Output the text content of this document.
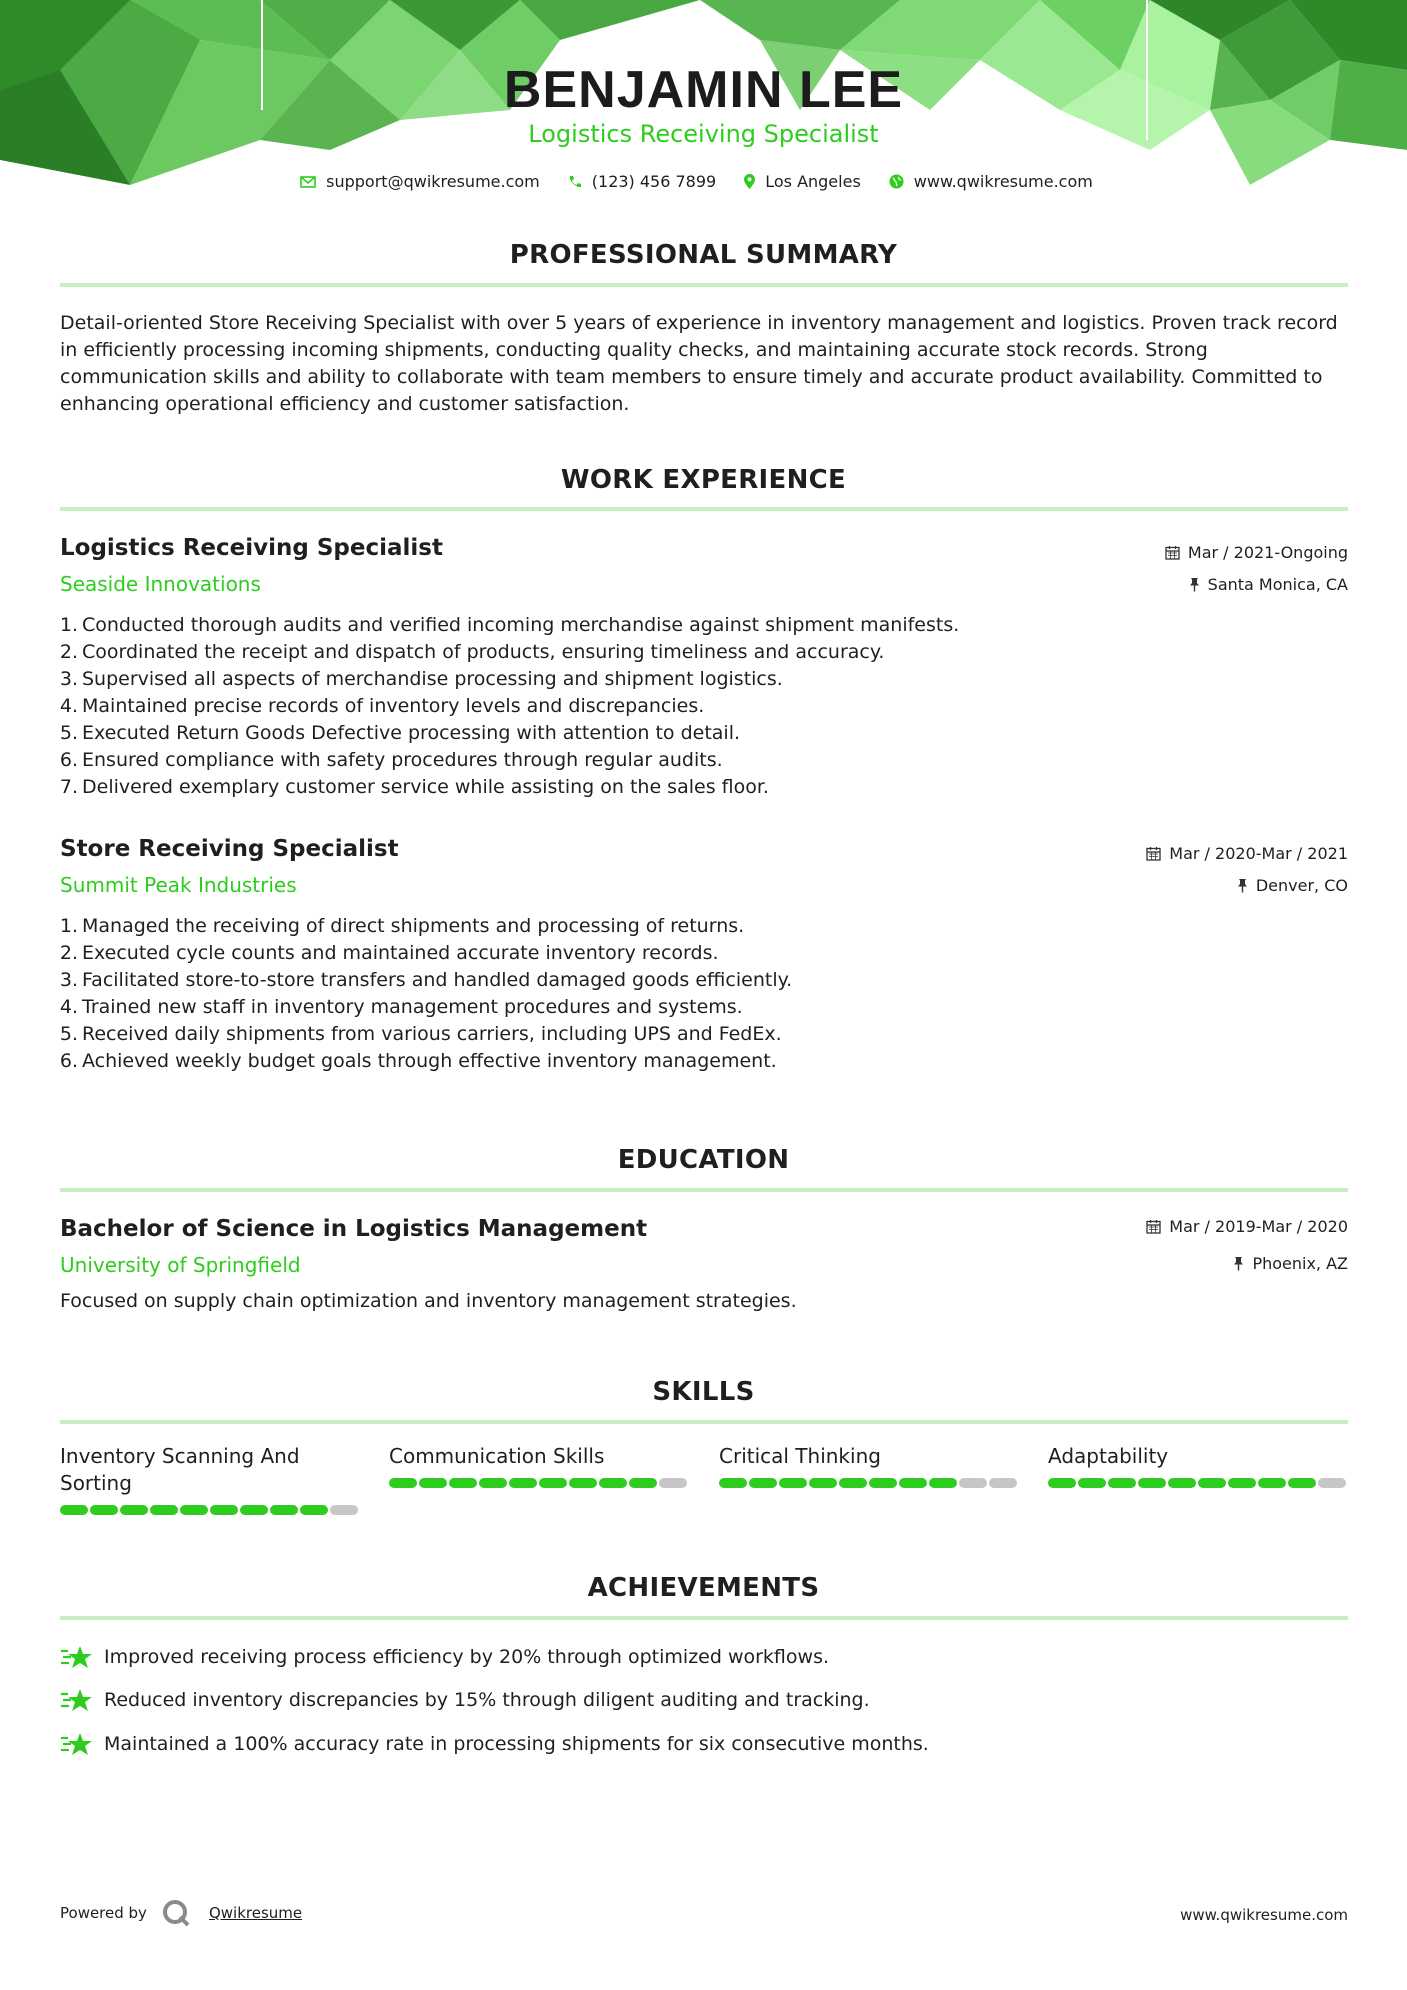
BENJAMIN LEE
Logistics Receiving Specialist
support@qwikresume.com	(123) 456 7899	Los Angeles	www.qwikresume.com
PROFESSIONAL SUMMARY
Detail-oriented Store Receiving Specialist with over 5 years of experience in inventory management and logistics. Proven track record in efficiently processing incoming shipments, conducting quality checks, and maintaining accurate stock records. Strong communication skills and ability to collaborate with team members to ensure timely and accurate product availability. Committed to enhancing operational efficiency and customer satisfaction.
WORK EXPERIENCE
Logistics Receiving Specialist	Mar / 2021-Ongoing
Seaside Innovations	Santa Monica, CA
1. Conducted thorough audits and verified incoming merchandise against shipment manifests.
2. Coordinated the receipt and dispatch of products, ensuring timeliness and accuracy.
3. Supervised all aspects of merchandise processing and shipment logistics.
4. Maintained precise records of inventory levels and discrepancies.
5. Executed Return Goods Defective processing with attention to detail.
6. Ensured compliance with safety procedures through regular audits.
7. Delivered exemplary customer service while assisting on the sales floor.
Store Receiving Specialist	Mar / 2020-Mar / 2021
Summit Peak Industries	Denver, CO
1. Managed the receiving of direct shipments and processing of returns.
2. Executed cycle counts and maintained accurate inventory records.
3. Facilitated store-to-store transfers and handled damaged goods efficiently.
4. Trained new staff in inventory management procedures and systems.
5. Received daily shipments from various carriers, including UPS and FedEx.
6. Achieved weekly budget goals through effective inventory management.
EDUCATION
Bachelor of Science in Logistics Management	Mar / 2019-Mar / 2020
University of Springfield	Phoenix, AZ
Focused on supply chain optimization and inventory management strategies.
SKILLS
Inventory Scanning And Sorting
Communication Skills	Critical Thinking	Adaptability
ACHIEVEMENTS
Improved receiving process efficiency by 20% through optimized workflows.
Reduced inventory discrepancies by 15% through diligent auditing and tracking.
Maintained a 100% accuracy rate in processing shipments for six consecutive months.
Powered by	Qwikresume	www.qwikresume.com
